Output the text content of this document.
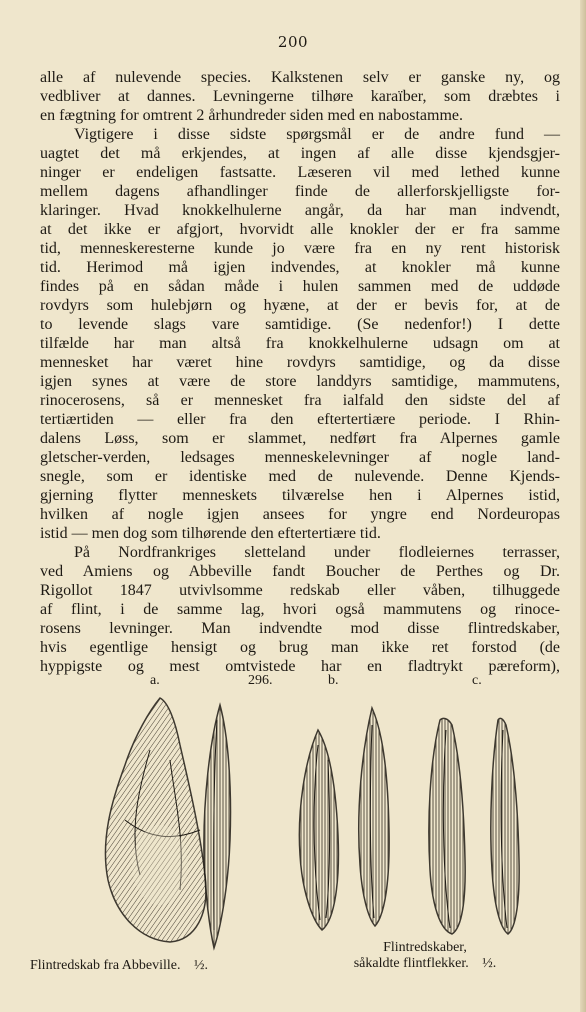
200
alle af nulevende species. Kalkstenen selv er ganske ny, og
vedbliver at dannes. Levningerne tilhøre karaïber, som dræbtes i
en fægtning for omtrent 2 århundreder siden med en nabostamme.
Vigtigere i disse sidste spørgsmål er de andre fund —
uagtet det må erkjendes, at ingen af alle disse kjendsgjer-
ninger er endeligen fastsatte. Læseren vil med lethed kunne
mellem dagens afhandlinger finde de allerforskjelligste for-
klaringer. Hvad knokkelhulerne angår, da har man indvendt,
at det ikke er afgjort, hvorvidt alle knokler der er fra samme
tid, menneskeresterne kunde jo være fra en ny rent historisk
tid. Herimod må igjen indvendes, at knokler må kunne
findes på en sådan måde i hulen sammen med de uddøde
rovdyrs som hulebjørn og hyæne, at der er bevis for, at de
to levende slags vare samtidige. (Se nedenfor!) I dette
tilfælde har man altså fra knokkelhulerne udsagn om at
mennesket har været hine rovdyrs samtidige, og da disse
igjen synes at være de store landdyrs samtidige, mammutens,
rinocerosens, så er mennesket fra ialfald den sidste del af
tertiærtiden — eller fra den eftertertiære periode. I Rhin-
dalens Løss, som er slammet, nedført fra Alpernes gamle
gletscher-verden, ledsages menneskelevninger af nogle land-
snegle, som er identiske med de nulevende. Denne Kjends-
gjerning flytter menneskets tilværelse hen i Alpernes istid,
hvilken af nogle igjen ansees for yngre end Nordeuropas
istid — men dog som tilhørende den eftertertiære tid.
På Nordfrankriges sletteland under flodleiernes terrasser,
ved Amiens og Abbeville fandt Boucher de Perthes og Dr.
Rigollot 1847 utvivlsomme redskab eller våben, tilhuggede
af flint, i de samme lag, hvori også mammutens og rinoce-
rosens levninger. Man indvendte mod disse flintredskaber,
hvis egentlige hensigt og brug man ikke ret forstod (de
hyppigste og mest omtvistede har en fladtrykt pæreform),
a.	296.	b.	c.
Flintredskab fra Abbeville. ½.
Flintredskaber,
såkaldte flintflekker. ½.
